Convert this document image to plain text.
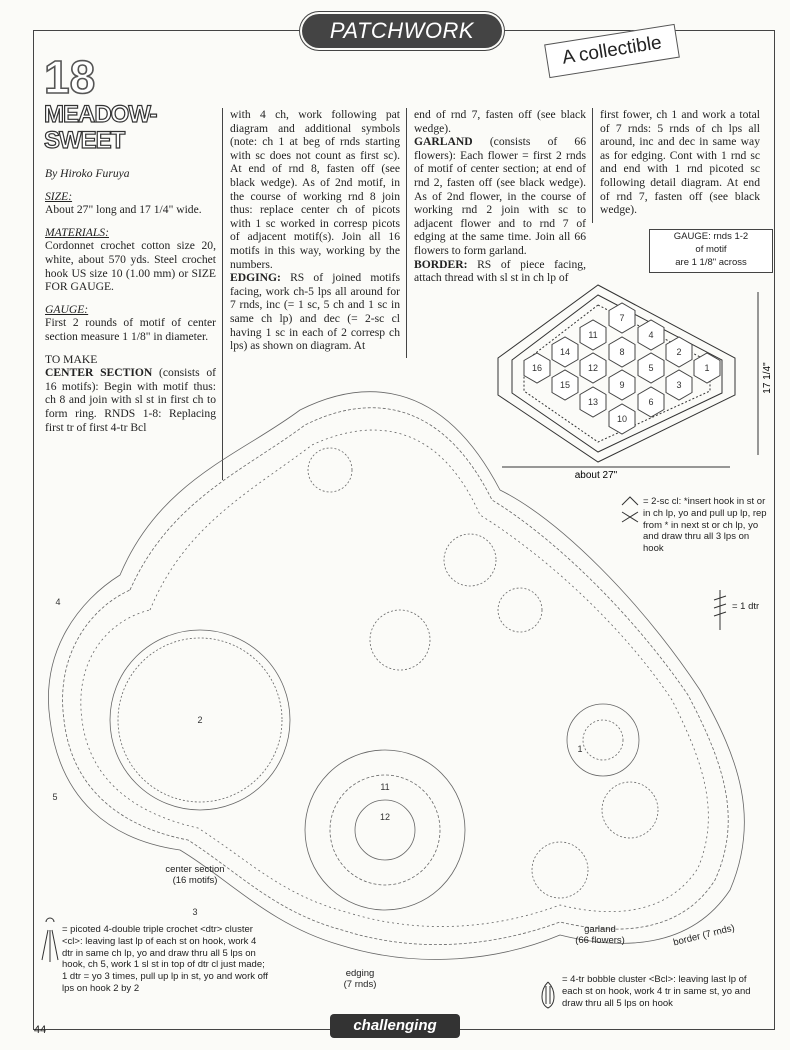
PATCHWORK
A collectible
18
MEADOW-
SWEET

By Hiroko Furuya

SIZE:

About 27" long and 17 1/4" wide.

MATERIALS:

Cordonnet crochet cotton size 20, white, about 570 yds. Steel crochet hook US size 10 (1.00 mm) or SIZE FOR GAUGE.

GAUGE:

First 2 rounds of motif of center section measure 1 1/8" in diameter.

TO MAKE

CENTER SECTION (consists of 16 motifs): Begin with motif thus: ch 8 and join with sl st in first ch to form ring. RNDS 1-8: Replacing first tr of first 4-tr Bcl

with 4 ch, work following pat diagram and additional symbols (note: ch 1 at beg of rnds starting with sc does not count as first sc). At end of rnd 8, fasten off (see black wedge). As of 2nd motif, in the course of working rnd 8 join thus: replace center ch of picots with 1 sc worked in corresp picots of adjacent motif(s). Join all 16 motifs in this way, working by the numbers.

EDGING: RS of joined motifs facing, work ch-5 lps all around for 7 rnds, inc (= 1 sc, 5 ch and 1 sc in same ch lp) and dec (= 2-sc cl having 1 sc in each of 2 corresp ch lps) as shown on diagram. At

end of rnd 7, fasten off (see black wedge).

GARLAND (consists of 66 flowers): Each flower = first 2 rnds of motif of center section; at end of rnd 2, fasten off (see black wedge). As of 2nd flower, in the course of working rnd 2 join with sc to adjacent flower and to rnd 7 of edging at the same time. Join all 66 flowers to form garland.

BORDER: RS of piece facing, attach thread with sl st in ch lp of

first fower, ch 1 and work a total of 7 rnds: 5 rnds of ch lps all around, inc and dec in same way as for edging. Cont with 1 rnd sc and end with 1 rnd picoted sc following detail diagram. At end of rnd 7, fasten off (see black wedge).

GAUGE: rnds 1-2
of motif
are 1 1/8" across
1
2
3
4
5
6
7
8
9
10
11
12
13
14
15
16
about 27"
17 1/4"
2
11
12
1
3
4
5
center section
(16 motifs)
edging
(7 rnds)
garland
(66 flowers)	border (7 rnds)
= 2-sc cl: *insert hook in st or in ch lp, yo and pull up lp, rep from * in next st or ch lp, yo and draw thru all 3 lps on hook
= 1 dtr
= picoted 4-double triple crochet <dtr> cluster <cl>: leaving last lp of each st on hook, work 4 dtr in same ch lp, yo and draw thru all 5 lps on hook, ch 5, work 1 sl st in top of dtr cl just made; 1 dtr = yo 3 times, pull up lp in st, yo and work off lps on hook 2 by 2
= 4-tr bobble cluster <Bcl>: leaving last lp of each st on hook, work 4 tr in same st, yo and draw thru all 5 lps on hook
44	challenging
